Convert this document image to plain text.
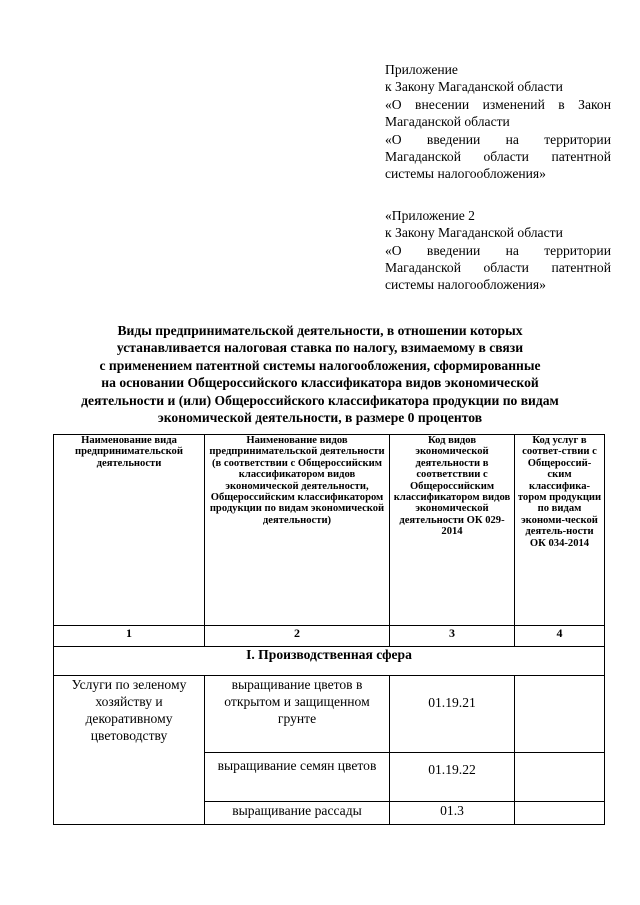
Приложение

к Закону Магаданской области

«О внесении изменений в Закон Магаданской области

«О введении на территории Магаданской области патентной системы налогообложения»

«Приложение 2

к Закону Магаданской области

«О введении на территории Магаданской области патентной системы налогообложения»

Виды предпринимательской деятельности, в отношении которых
устанавливается налоговая ставка по налогу, взимаемому в связи
с применением патентной системы налогообложения, сформированные
на основании Общероссийского классификатора видов экономической
деятельности и (или) Общероссийского классификатора продукции по видам
экономической деятельности, в размере 0 процентов
Наименование вида предпринимательской деятельности	Наименование видов предпринимательской деятельности (в соответствии с Общероссийским классификатором видов экономической деятельности, Общероссийским классификатором продукции по видам экономической деятельности)	Код видов экономической деятельности в соответствии с Общероссийским классификатором видов экономической деятельности ОК 029-2014	Код услуг в соответ-ствии с Общероссий-ским классифика-тором продукции по видам экономи-ческой деятель-ности ОК 034-2014
1	2	3	4
I. Производственная сфера			
Услуги по зеленому хозяйству и декоративному цветоводству	выращивание цветов в открытом и защищенном грунте	01.19.21	
	выращивание семян цветов	01.19.22	
	выращивание рассады	01.3	
